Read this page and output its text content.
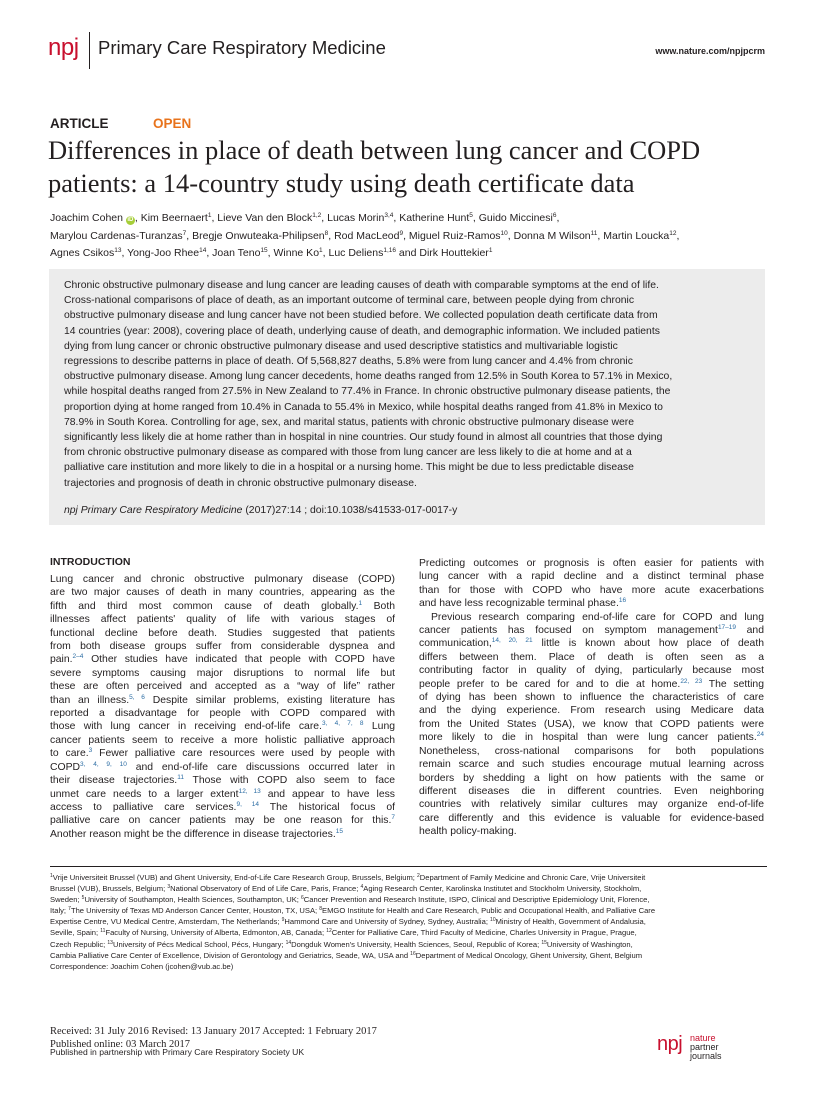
npj Primary Care Respiratory Medicine	www.nature.com/npjpcrm
ARTICLE	OPEN
Differences in place of death between lung cancer and COPD
patients: a 14-country study using death certificate data
Joachim Cohen iD , Kim Beernaert$^1$, Lieve Van den Block$^{1,2}$, Lucas Morin$^{3,4}$, Katherine Hunt$^5$, Guido Miccinesi$^6$,
Marylou Cardenas-Turanzas$^7$, Bregje Onwuteaka-Philipsen$^8$, Rod MacLeod$^9$, Miguel Ruiz-Ramos$^{10}$, Donna M Wilson$^{11}$, Martin Loucka$^{12}$,
Agnes Csikos$^{13}$, Yong-Joo Rhee$^{14}$, Joan Teno$^{15}$, Winne Ko$^1$, Luc Deliens$^{1,16}$ and Dirk Houttekier$^1$
Chronic obstructive pulmonary disease and lung cancer are leading causes of death with comparable symptoms at the end of life.
Cross-national comparisons of place of death, as an important outcome of terminal care, between people dying from chronic
obstructive pulmonary disease and lung cancer have not been studied before. We collected population death certificate data from
14 countries (year: 2008), covering place of death, underlying cause of death, and demographic information. We included patients
dying from lung cancer or chronic obstructive pulmonary disease and used descriptive statistics and multivariable logistic
regressions to describe patterns in place of death. Of 5,568,827 deaths, 5.8% were from lung cancer and 4.4% from chronic
obstructive pulmonary disease. Among lung cancer decedents, home deaths ranged from 12.5% in South Korea to 57.1% in Mexico,
while hospital deaths ranged from 27.5% in New Zealand to 77.4% in France. In chronic obstructive pulmonary disease patients, the
proportion dying at home ranged from 10.4% in Canada to 55.4% in Mexico, while hospital deaths ranged from 41.8% in Mexico to
78.9% in South Korea. Controlling for age, sex, and marital status, patients with chronic obstructive pulmonary disease were
significantly less likely die at home rather than in hospital in nine countries. Our study found in almost all countries that those dying
from chronic obstructive pulmonary disease as compared with those from lung cancer are less likely to die at home and at a
palliative care institution and more likely to die in a hospital or a nursing home. This might be due to less predictable disease
trajectories and prognosis of death in chronic obstructive pulmonary disease.
npj Primary Care Respiratory Medicine (2017)27:14 ; doi:10.1038/s41533-017-0017-y
INTRODUCTION
Lung cancer and chronic obstructive pulmonary disease (COPD)
are two major causes of death in many countries, appearing as the
fifth and third most common cause of death globally.$^1$ Both
illnesses affect patients' quality of life with various stages of
functional decline before death. Studies suggested that patients
from both disease groups suffer from considerable dyspnea and
pain.$^{2-4}$ Other studies have indicated that people with COPD have
severe symptoms causing major disruptions to normal life but
these are often perceived and accepted as a “way of life” rather
than an illness.$^{5, 6}$ Despite similar problems, existing literature has
reported a disadvantage for people with COPD compared with
those with lung cancer in receiving end-of-life care.$^{3, 4, 7, 8}$ Lung
cancer patients seem to receive a more holistic palliative approach
to care.$^3$ Fewer palliative care resources were used by people with
COPD$^{3, 4, 9, 10}$ and end-of-life care discussions occurred later in
their disease trajectories.$^{11}$ Those with COPD also seem to face
unmet care needs to a larger extent$^{12, 13}$ and appear to have less
access to palliative care services.$^{9, 14}$ The historical focus of
palliative care on cancer patients may be one reason for this.$^7$
Another reason might be the difference in disease trajectories.$^{15}$
Predicting outcomes or prognosis is often easier for patients with
lung cancer with a rapid decline and a distinct terminal phase
than for those with COPD who have more acute exacerbations
and have less recognizable terminal phase.$^{16}$
Previous research comparing end-of-life care for COPD and lung
cancer patients has focused on symptom management$^{17-19}$ and
communication,$^{14, 20, 21}$ little is known about how place of death
differs between them. Place of death is often seen as a
contributing factor in quality of dying, particularly because most
people prefer to be cared for and to die at home.$^{22, 23}$ The setting
of dying has been shown to influence the characteristics of care
and the dying experience. From research using Medicare data
from the United States (USA), we know that COPD patients were
more likely to die in hospital than were lung cancer patients.$^{24}$
Nonetheless, cross-national comparisons for both populations
remain scarce and such studies encourage mutual learning across
borders by shedding a light on how patients with the same or
different diseases die in different countries. Even neighboring
countries with relatively similar cultures may organize end-of-life
care differently and this evidence is valuable for evidence-based
health policy-making.
$^1$Vrije Universiteit Brussel (VUB) and Ghent University, End-of-Life Care Research Group, Brussels, Belgium; $^2$Department of Family Medicine and Chronic Care, Vrije Universiteit
Brussel (VUB), Brussels, Belgium; $^3$National Observatory of End of Life Care, Paris, France; $^4$Aging Research Center, Karolinska Institutet and Stockholm University, Stockholm,
Sweden; $^5$University of Southampton, Health Sciences, Southampton, UK; $^6$Cancer Prevention and Research Institute, ISPO, Clinical and Descriptive Epidemiology Unit, Florence,
Italy; $^7$The University of Texas MD Anderson Cancer Center, Houston, TX, USA; $^8$EMGO Institute for Health and Care Research, Public and Occupational Health, and Palliative Care
Expertise Centre, VU Medical Centre, Amsterdam, The Netherlands; $^9$Hammond Care and University of Sydney, Sydney, Australia; $^{10}$Ministry of Health, Government of Andalusia,
Seville, Spain; $^{11}$Faculty of Nursing, University of Alberta, Edmonton, AB, Canada; $^{12}$Center for Palliative Care, Third Faculty of Medicine, Charles University in Prague, Prague,
Czech Republic; $^{13}$University of Pécs Medical School, Pécs, Hungary; $^{14}$Dongduk Women's University, Health Sciences, Seoul, Republic of Korea; $^{15}$University of Washington,
Cambia Palliative Care Center of Excellence, Division of Gerontology and Geriatrics, Seade, WA, USA and $^{16}$Department of Medical Oncology, Ghent University, Ghent, Belgium
Correspondence: Joachim Cohen (jcohen@vub.ac.be)
Received: 31 July 2016 Revised: 13 January 2017 Accepted: 1 February 2017
Published online: 03 March 2017
Published in partnership with Primary Care Respiratory Society UK	npj nature
partner
journals
